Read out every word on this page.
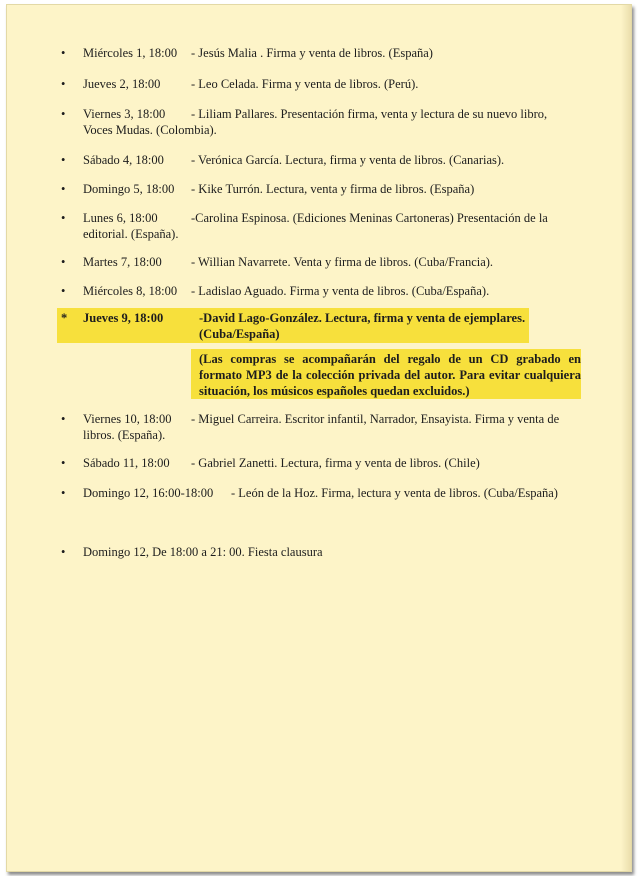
•	Miércoles 1, 18:00 - Jesús Malia . Firma y venta de libros. (España)
•	Jueves 2, 18:00 - Leo Celada. Firma y venta de libros. (Perú).
•	Viernes 3, 18:00 - Liliam Pallares. Presentación firma, venta y lectura de su nuevo libro,
Voces Mudas. (Colombia).
•	Sábado 4, 18:00 - Verónica García. Lectura, firma y venta de libros. (Canarias).
•	Domingo 5, 18:00 - Kike Turrón. Lectura, venta y firma de libros. (España)
•	Lunes 6, 18:00	-Carolina Espinosa. (Ediciones Meninas Cartoneras) Presentación de la
editorial. (España).
•	Martes 7, 18:00 - Willian Navarrete. Venta y firma de libros. (Cuba/Francia).
•	Miércoles 8, 18:00 - Ladislao Aguado. Firma y venta de libros. (Cuba/España).
*	Jueves 9, 18:00	-David Lago-González. Lectura, firma y venta de ejemplares.
(Cuba/España)
(Las compras se acompañarán del regalo de un CD grabado en
formato MP3 de la colección privada del autor. Para evitar cualquiera
situación, los músicos españoles quedan excluidos.)
•	Viernes 10, 18:00 - Miguel Carreira. Escritor infantil, Narrador, Ensayista. Firma y venta de
libros. (España).
•	Sábado 11, 18:00 - Gabriel Zanetti. Lectura, firma y venta de libros. (Chile)
•	Domingo 12, 16:00-18:00 - León de la Hoz. Firma, lectura y venta de libros. (Cuba/España)
•	Domingo 12, De 18:00 a 21: 00. Fiesta clausura
